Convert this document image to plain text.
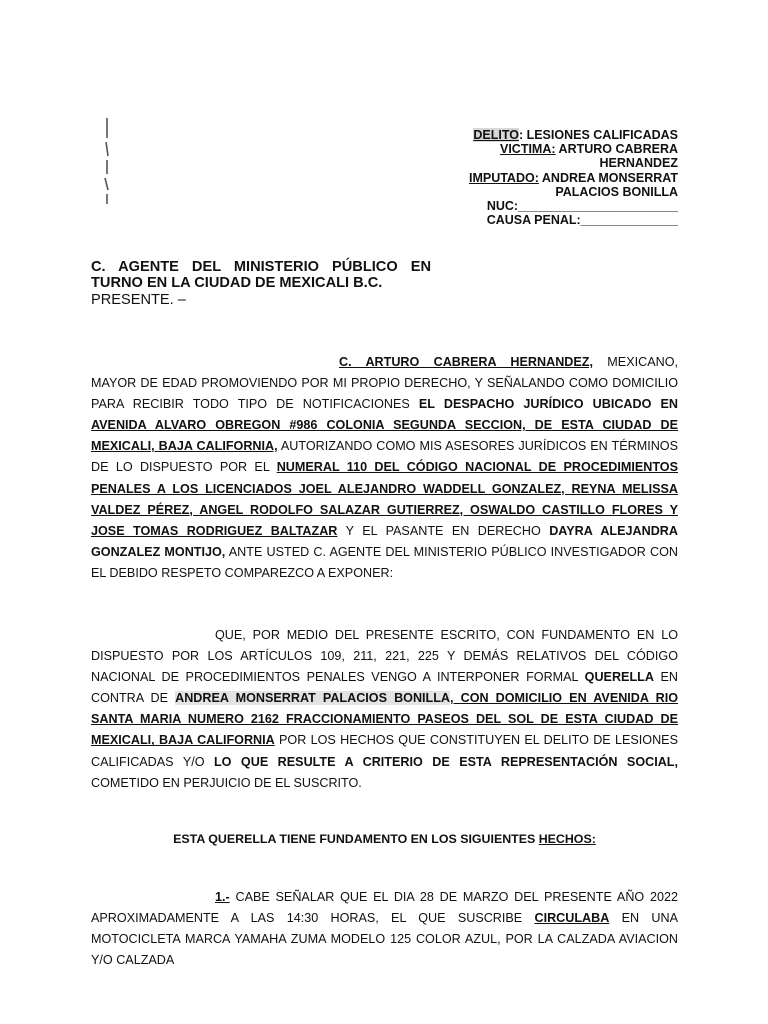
DELITO: LESIONES CALIFICADAS
VICTIMA: ARTURO CABRERA
HERNANDEZ
IMPUTADO: ANDREA MONSERRAT
PALACIOS BONILLA
NUC:_______________________
CAUSA PENAL:______________
C. AGENTE DEL MINISTERIO PÚBLICO EN
TURNO EN LA CIUDAD DE MEXICALI B.C.
PRESENTE. –
C. ARTURO CABRERA HERNANDEZ, MEXICANO, MAYOR DE EDAD PROMOVIENDO POR MI PROPIO DERECHO, Y SEÑALANDO COMO DOMICILIO PARA RECIBIR TODO TIPO DE NOTIFICACIONES EL DESPACHO JURÍDICO UBICADO EN AVENIDA ALVARO OBREGON #986 COLONIA SEGUNDA SECCION, DE ESTA CIUDAD DE MEXICALI, BAJA CALIFORNIA, AUTORIZANDO COMO MIS ASESORES JURÍDICOS EN TÉRMINOS DE LO DISPUESTO POR EL NUMERAL 110 DEL CÓDIGO NACIONAL DE PROCEDIMIENTOS PENALES A LOS LICENCIADOS JOEL ALEJANDRO WADDELL GONZALEZ, REYNA MELISSA VALDEZ PÉREZ, ANGEL RODOLFO SALAZAR GUTIERREZ, OSWALDO CASTILLO FLORES Y JOSE TOMAS RODRIGUEZ BALTAZAR Y EL PASANTE EN DERECHO DAYRA ALEJANDRA GONZALEZ MONTIJO, ANTE USTED C. AGENTE DEL MINISTERIO PÚBLICO INVESTIGADOR CON EL DEBIDO RESPETO COMPAREZCO A EXPONER:
QUE, POR MEDIO DEL PRESENTE ESCRITO, CON FUNDAMENTO EN LO DISPUESTO POR LOS ARTÍCULOS 109, 211, 221, 225 Y DEMÁS RELATIVOS DEL CÓDIGO NACIONAL DE PROCEDIMIENTOS PENALES VENGO A INTERPONER FORMAL QUERELLA EN CONTRA DE ANDREA MONSERRAT PALACIOS BONILLA, CON DOMICILIO EN AVENIDA RIO SANTA MARIA NUMERO 2162 FRACCIONAMIENTO PASEOS DEL SOL DE ESTA CIUDAD DE MEXICALI, BAJA CALIFORNIA POR LOS HECHOS QUE CONSTITUYEN EL DELITO DE LESIONES CALIFICADAS Y/O LO QUE RESULTE A CRITERIO DE ESTA REPRESENTACIÓN SOCIAL, COMETIDO EN PERJUICIO DE EL SUSCRITO.
ESTA QUERELLA TIENE FUNDAMENTO EN LOS SIGUIENTES HECHOS:
1.- CABE SEÑALAR QUE EL DIA 28 DE MARZO DEL PRESENTE AÑO 2022 APROXIMADAMENTE A LAS 14:30 HORAS, EL QUE SUSCRIBE CIRCULABA EN UNA MOTOCICLETA MARCA YAMAHA ZUMA MODELO 125 COLOR AZUL, POR LA CALZADA AVIACION Y/O CALZADA
